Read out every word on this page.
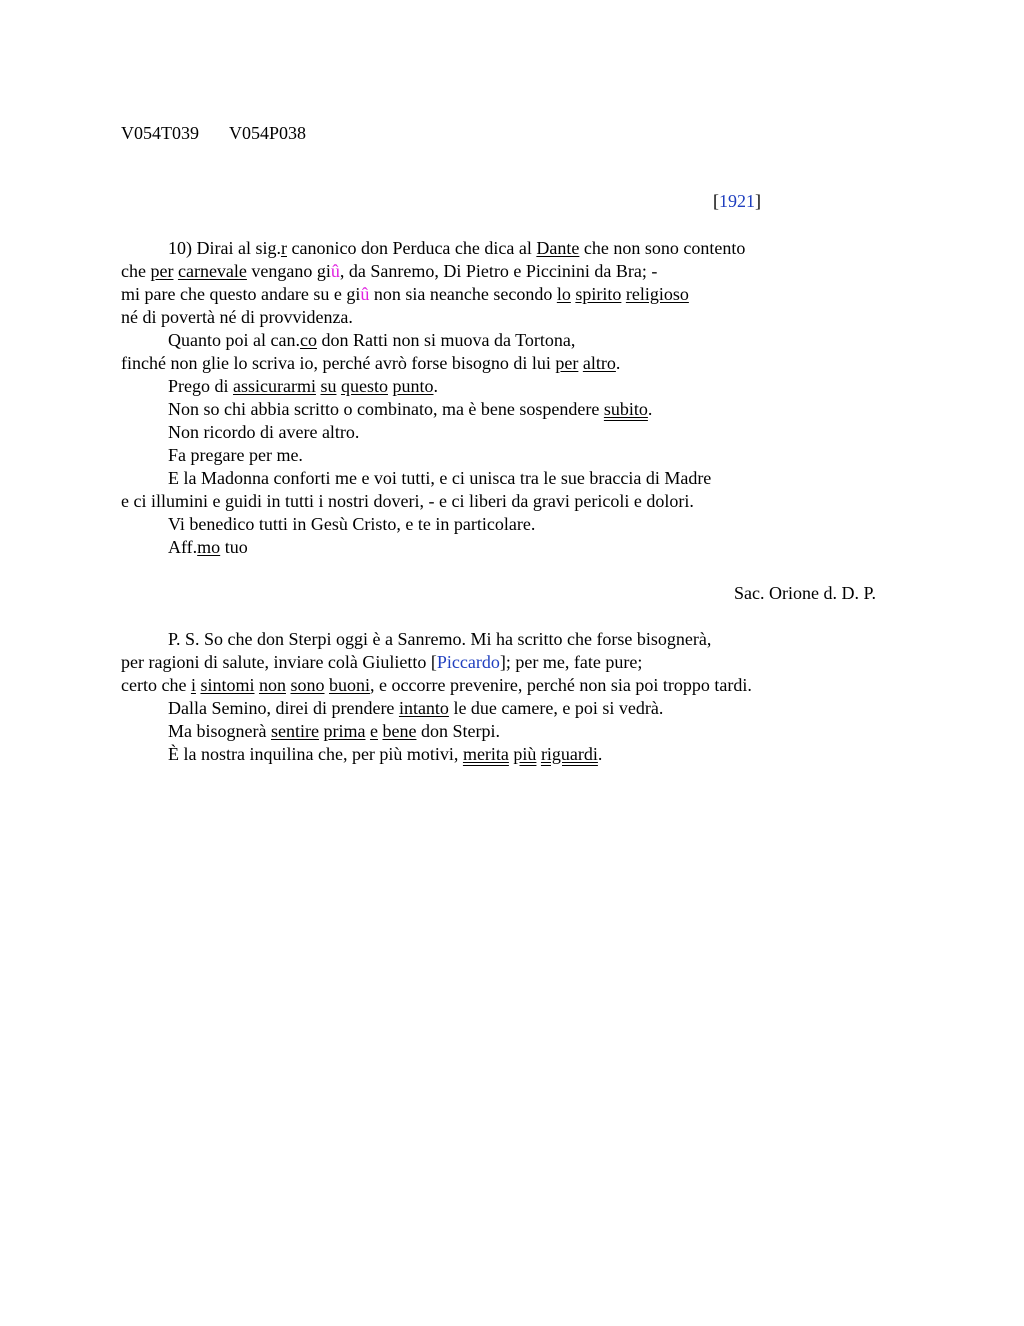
V054T039 V054P038
[1921]
10) Dirai al sig.r canonico don Perduca che dica al Dante che non sono contento
che per carnevale vengano giû, da Sanremo, Di Pietro e Piccinini da Bra; -
mi pare che questo andare su e giû non sia neanche secondo lo spirito religioso
né di povertà né di provvidenza.
Quanto poi al can.co don Ratti non si muova da Tortona,
finché non glie lo scriva io, perché avrò forse bisogno di lui per altro.
Prego di assicurarmi su questo punto.
Non so chi abbia scritto o combinato, ma è bene sospendere subito.
Non ricordo di avere altro.
Fa pregare per me.
E la Madonna conforti me e voi tutti, e ci unisca tra le sue braccia di Madre
e ci illumini e guidi in tutti i nostri doveri, - e ci liberi da gravi pericoli e dolori.
Vi benedico tutti in Gesù Cristo, e te in particolare.
Aff.mo tuo
Sac. Orione d. D. P.
P. S. So che don Sterpi oggi è a Sanremo. Mi ha scritto che forse bisognerà,
per ragioni di salute, inviare colà Giulietto [Piccardo]; per me, fate pure;
certo che i sintomi non sono buoni, e occorre prevenire, perché non sia poi troppo tardi.
Dalla Semino, direi di prendere intanto le due camere, e poi si vedrà.
Ma bisognerà sentire prima e bene don Sterpi.
È la nostra inquilina che, per più motivi, merita più riguardi.
